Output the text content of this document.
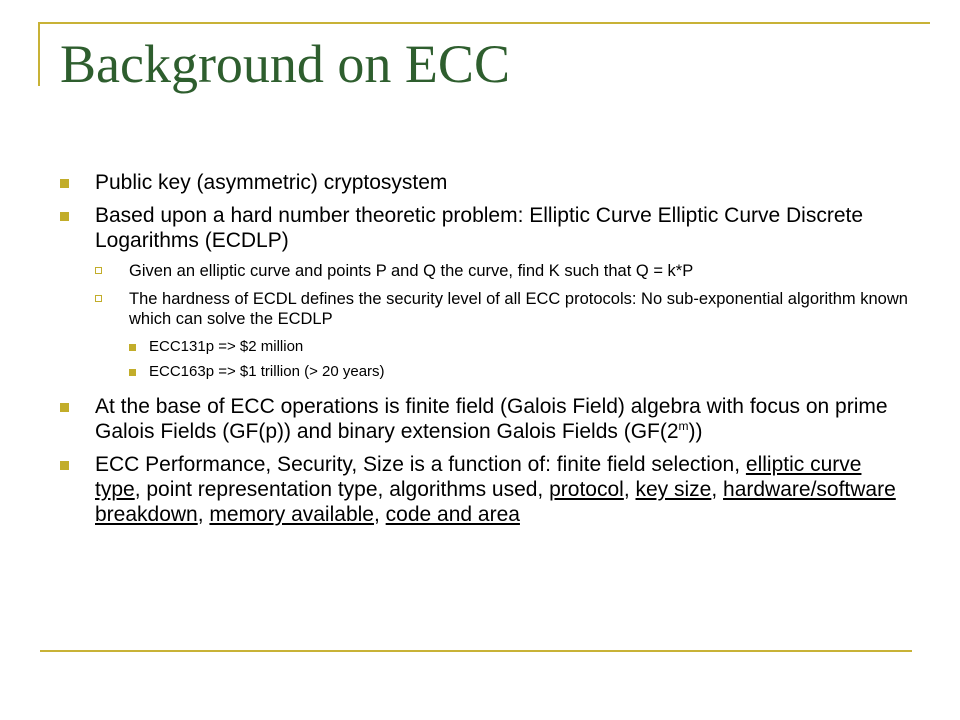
Background on ECC
Public key (asymmetric) cryptosystem
Based upon a hard number theoretic problem: Elliptic Curve Elliptic Curve Discrete Logarithms (ECDLP)
Given an elliptic curve and points P and Q the curve, find K such that Q = k*P
The hardness of ECDL defines the security level of all ECC protocols: No sub-exponential algorithm known which can solve the ECDLP
ECC131p => $2 million
ECC163p => $1 trillion (> 20 years)
At the base of ECC operations is finite field (Galois Field) algebra with focus on prime Galois Fields (GF(p)) and binary extension Galois Fields (GF(2$^m$))
ECC Performance, Security, Size is a function of: finite field selection, elliptic curve type, point representation type, algorithms used, protocol, key size, hardware/software breakdown, memory available, code and area
